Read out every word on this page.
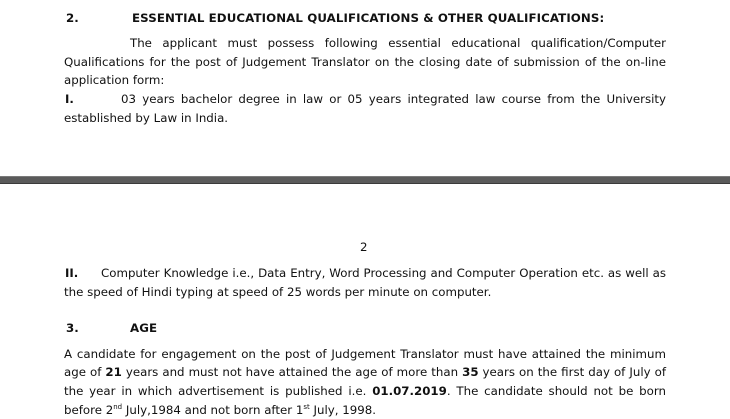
2.	ESSENTIAL EDUCATIONAL QUALIFICATIONS & OTHER QUALIFICATIONS:
The applicant must possess following essential educational qualification/Computer
Qualifications for the post of Judgement Translator on the closing date of submission of the on-line
application form:
I.	03 years bachelor degree in law or 05 years integrated law course from the University
established by Law in India.
2
II. Computer Knowledge i.e., Data Entry, Word Processing and Computer Operation etc. as well as
the speed of Hindi typing at speed of 25 words per minute on computer.
3.	AGE
A candidate for engagement on the post of Judgement Translator must have attained the minimum
age of 21 years and must not have attained the age of more than 35 years on the first day of July of
the year in which advertisement is published i.e. 01.07.2019. The candidate should not be born
before 2nd July,1984 and not born after 1st July, 1998.
